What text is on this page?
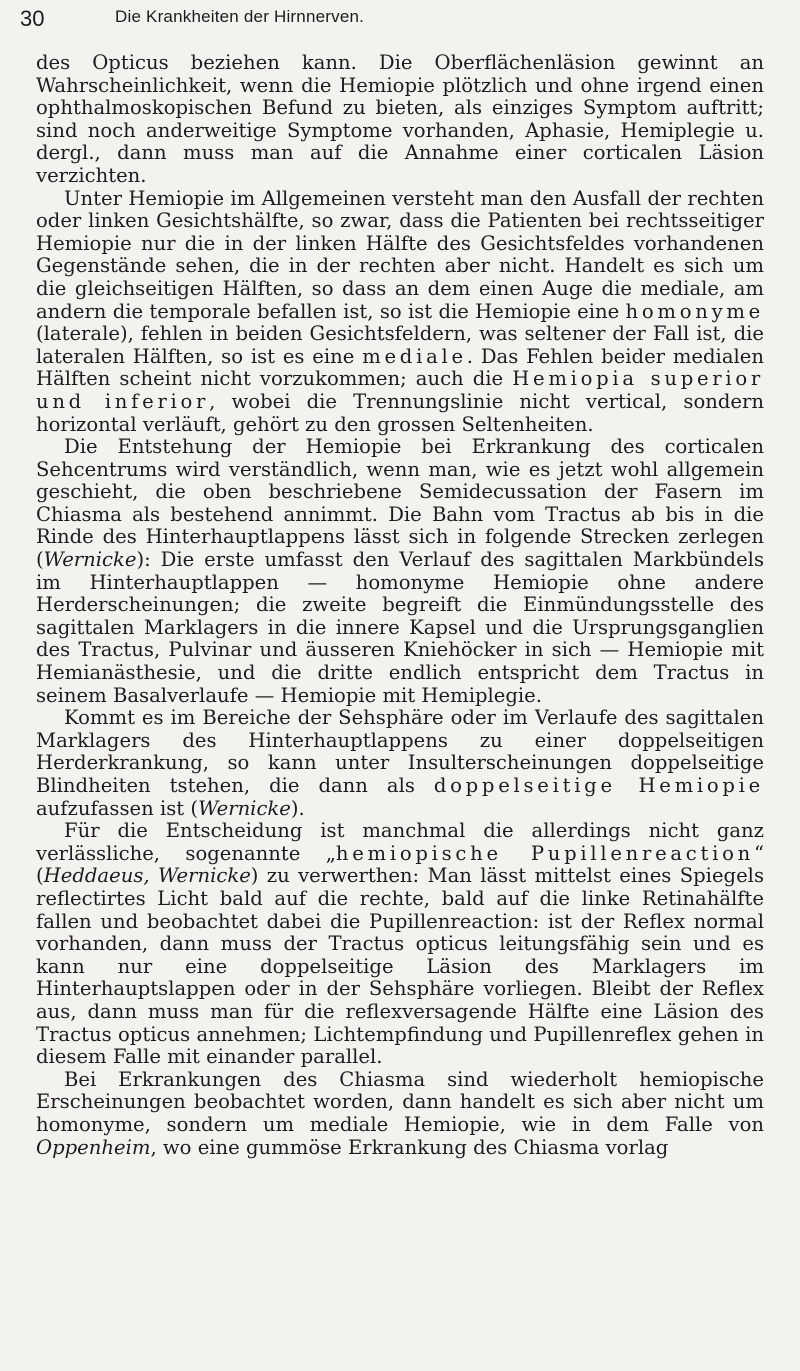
30	Die Krankheiten der Hirnnerven.

des Opticus beziehen kann. Die Oberflächenläsion gewinnt an Wahrscheinlichkeit, wenn die Hemiopie plötzlich und ohne irgend einen ophthalmoskopischen Befund zu bieten, als einziges Symptom auftritt; sind noch anderweitige Symptome vorhanden, Aphasie, Hemiplegie u. dergl., dann muss man auf die Annahme einer corticalen Läsion verzichten.

Unter Hemiopie im Allgemeinen versteht man den Ausfall der rechten oder linken Gesichtshälfte, so zwar, dass die Patienten bei rechtsseitiger Hemiopie nur die in der linken Hälfte des Gesichtsfeldes vorhandenen Gegenstände sehen, die in der rechten aber nicht. Handelt es sich um die gleichseitigen Hälften, so dass an dem einen Auge die mediale, am andern die temporale befallen ist, so ist die Hemiopie eine homonyme (laterale), fehlen in beiden Gesichtsfeldern, was seltener der Fall ist, die lateralen Hälften, so ist es eine mediale. Das Fehlen beider medialen Hälften scheint nicht vorzukommen; auch die Hemiopia superior und inferior, wobei die Trennungslinie nicht vertical, sondern horizontal verläuft, gehört zu den grossen Seltenheiten.

Die Entstehung der Hemiopie bei Erkrankung des corticalen Sehcentrums wird verständlich, wenn man, wie es jetzt wohl allgemein geschieht, die oben beschriebene Semidecussation der Fasern im Chiasma als bestehend annimmt. Die Bahn vom Tractus ab bis in die Rinde des Hinterhauptlappens lässt sich in folgende Strecken zerlegen (Wernicke): Die erste umfasst den Verlauf des sagittalen Markbündels im Hinterhauptlappen — homonyme Hemiopie ohne andere Herderscheinungen; die zweite begreift die Einmündungsstelle des sagittalen Marklagers in die innere Kapsel und die Ursprungsganglien des Tractus, Pulvinar und äusseren Kniehöcker in sich — Hemiopie mit Hemianästhesie, und die dritte endlich entspricht dem Tractus in seinem Basalverlaufe — Hemiopie mit Hemiplegie.

Kommt es im Bereiche der Sehsphäre oder im Verlaufe des sagittalen Marklagers des Hinterhauptlappens zu einer doppelseitigen Herderkrankung, so kann unter Insulterscheinungen doppelseitige Blindheiten tstehen, die dann als doppelseitige Hemiopie aufzufassen ist (Wernicke).

Für die Entscheidung ist manchmal die allerdings nicht ganz verlässliche, sogenannte „hemiopische Pupillenreaction“ (Heddaeus, Wernicke) zu verwerthen: Man lässt mittelst eines Spiegels reflectirtes Licht bald auf die rechte, bald auf die linke Retinahälfte fallen und beobachtet dabei die Pupillenreaction: ist der Reflex normal vorhanden, dann muss der Tractus opticus leitungsfähig sein und es kann nur eine doppelseitige Läsion des Marklagers im Hinterhauptslappen oder in der Sehsphäre vorliegen. Bleibt der Reflex aus, dann muss man für die reflexversagende Hälfte eine Läsion des Tractus opticus annehmen; Lichtempfindung und Pupillenreflex gehen in diesem Falle mit einander parallel.

Bei Erkrankungen des Chiasma sind wiederholt hemiopische Erscheinungen beobachtet worden, dann handelt es sich aber nicht um homonyme, sondern um mediale Hemiopie, wie in dem Falle von Oppenheim, wo eine gummöse Erkrankung des Chiasma vorlag
